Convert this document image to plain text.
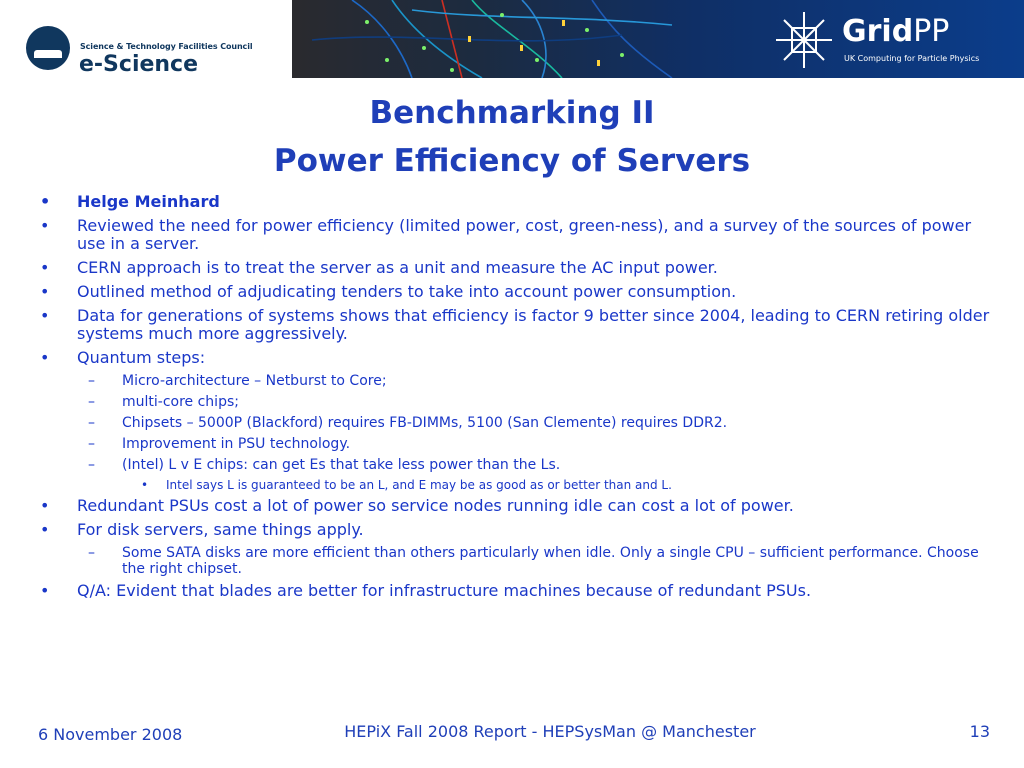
Science & Technology Facilities Council
e-Science
GridPP
UK Computing for Particle Physics
Benchmarking II
Power Efficiency of Servers
• Helge Meinhard
• Reviewed the need for power efficiency (limited power, cost, green-ness), and a survey of the sources of power use in a server.
• CERN approach is to treat the server as a unit and measure the AC input power.
• Outlined method of adjudicating tenders to take into account power consumption.
• Data for generations of systems shows that efficiency is factor 9 better since 2004, leading to CERN retiring older systems much more aggressively.
• Quantum steps:
– Micro-architecture – Netburst to Core;
– multi-core chips;
– Chipsets – 5000P (Blackford) requires FB-DIMMs, 5100 (San Clemente) requires DDR2.
– Improvement in PSU technology.
– (Intel) L v E chips: can get Es that take less power than the Ls.
• Intel says L is guaranteed to be an L, and E may be as good as or better than and L.
• Redundant PSUs cost a lot of power so service nodes running idle can cost a lot of power.
• For disk servers, same things apply.
– Some SATA disks are more efficient than others particularly when idle. Only a single CPU – sufficient performance. Choose the right chipset.
• Q/A: Evident that blades are better for infrastructure machines because of redundant PSUs.
6 November 2008	HEPiX Fall 2008 Report - HEPSysMan @ Manchester	13
